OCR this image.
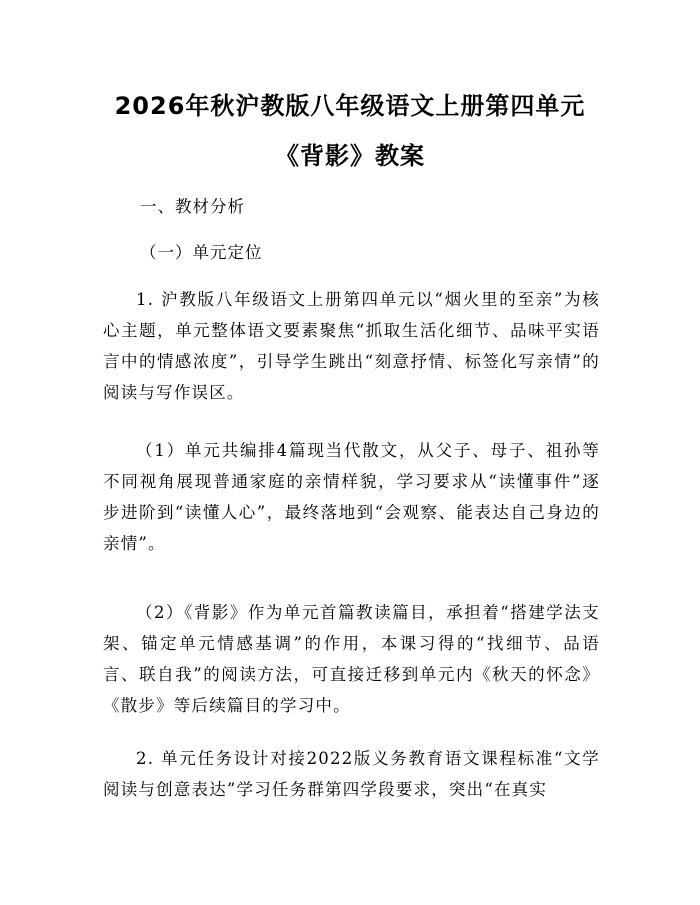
2026年秋沪教版八年级语文上册第四单元
《背影》教案
一、教材分析
（一）单元定位
1. 沪教版八年级语文上册第四单元以“烟火里的至亲”为核心主题，单元整体语文要素聚焦“抓取生活化细节、品味平实语言中的情感浓度”，引导学生跳出“刻意抒情、标签化写亲情”的阅读与写作误区。
（1）单元共编排4篇现当代散文，从父子、母子、祖孙等不同视角展现普通家庭的亲情样貌，学习要求从“读懂事件”逐步进阶到“读懂人心”，最终落地到“会观察、能表达自己身边的亲情”。
（2）《背影》作为单元首篇教读篇目，承担着“搭建学法支架、锚定单元情感基调”的作用，本课习得的“找细节、品语言、联自我”的阅读方法，可直接迁移到单元内《秋天的怀念》《散步》等后续篇目的学习中。
2. 单元任务设计对接2022版义务教育语文课程标准“文学阅读与创意表达”学习任务群第四学段要求，突出“在真实
